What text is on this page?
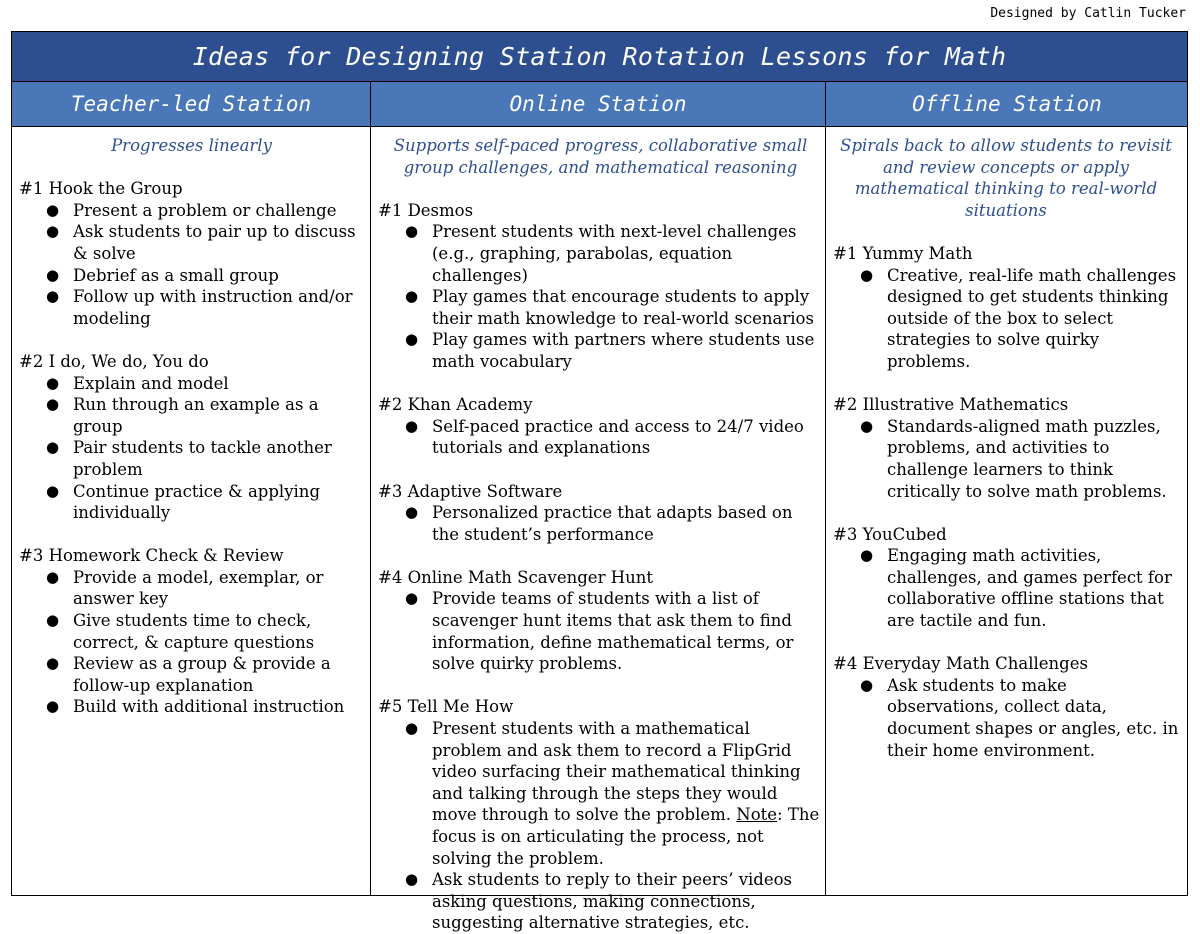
Designed by Catlin Tucker
Ideas for Designing Station Rotation Lessons for Math
Teacher-led Station	Online Station	Offline Station
Progresses linearly
#1 Hook the Group
● Present a problem or challenge
● Ask students to pair up to discuss & solve
● Debrief as a small group
● Follow up with instruction and/or modeling
#2 I do, We do, You do
● Explain and model
● Run through an example as a group
● Pair students to tackle another problem
● Continue practice & applying individually
#3 Homework Check & Review
● Provide a model, exemplar, or answer key
● Give students time to check, correct, & capture questions
● Review as a group & provide a follow-up explanation
● Build with additional instruction
Supports self-paced progress, collaborative small group challenges, and mathematical reasoning
#1 Desmos
● Present students with next-level challenges (e.g., graphing, parabolas, equation challenges)
● Play games that encourage students to apply their math knowledge to real-world scenarios
● Play games with partners where students use math vocabulary
#2 Khan Academy
● Self-paced practice and access to 24/7 video tutorials and explanations
#3 Adaptive Software
● Personalized practice that adapts based on the student’s performance
#4 Online Math Scavenger Hunt
● Provide teams of students with a list of scavenger hunt items that ask them to find information, define mathematical terms, or solve quirky problems.
#5 Tell Me How
● Present students with a mathematical problem and ask them to record a FlipGrid video surfacing their mathematical thinking and talking through the steps they would move through to solve the problem. Note: The focus is on articulating the process, not solving the problem.
● Ask students to reply to their peers’ videos asking questions, making connections, suggesting alternative strategies, etc.
Spirals back to allow students to revisit and review concepts or apply mathematical thinking to real-world situations
#1 Yummy Math
● Creative, real-life math challenges designed to get students thinking outside of the box to select strategies to solve quirky problems.
#2 Illustrative Mathematics
● Standards-aligned math puzzles, problems, and activities to challenge learners to think critically to solve math problems.
#3 YouCubed
● Engaging math activities, challenges, and games perfect for collaborative offline stations that are tactile and fun.
#4 Everyday Math Challenges
● Ask students to make observations, collect data, document shapes or angles, etc. in their home environment.
